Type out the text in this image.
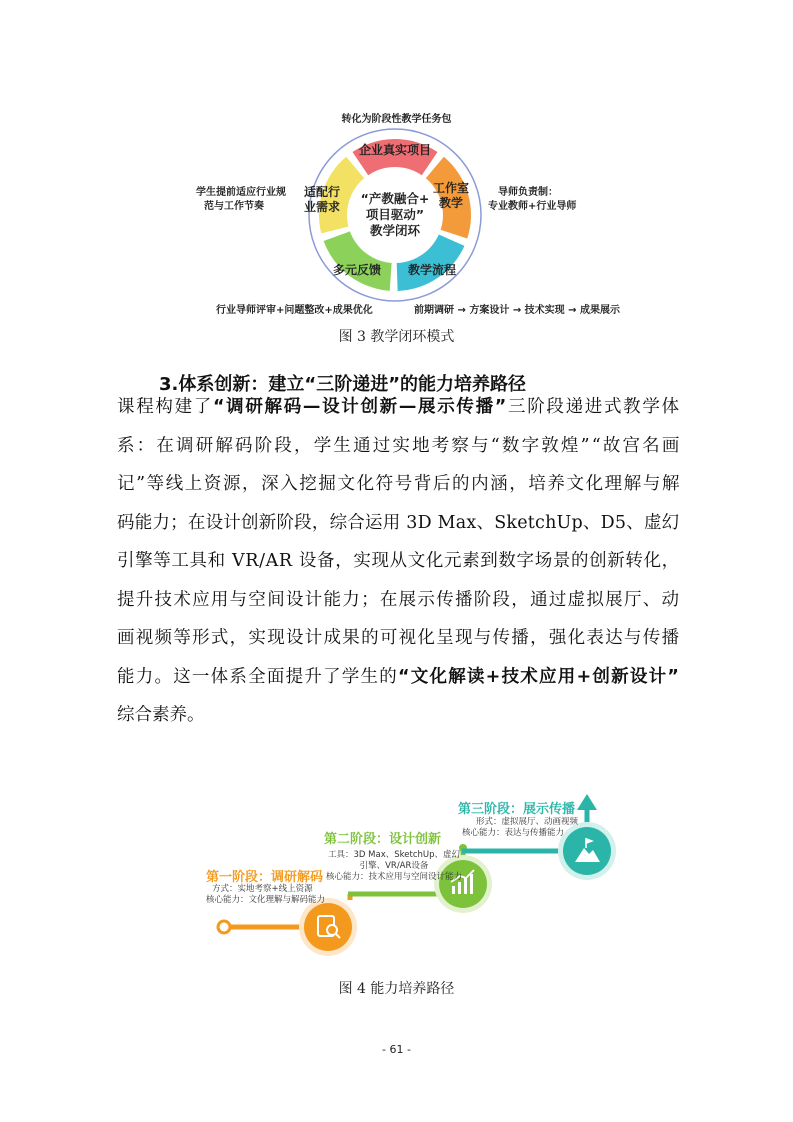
转化为阶段性教学任务包
学生提前适应行业规
范与工作节奏
导师负责制：
专业教师+行业导师
行业导师评审+问题整改+成果优化	前期调研 → 方案设计 → 技术实现 → 成果展示
企业真实项目
工作室
教学
教学流程
多元反馈
适配行
业需求
“产教融合+
项目驱动”
教学闭环
图 3 教学闭环模式
3.体系创新：建立“三阶递进”的能力培养路径
课程构建了“调研解码—设计创新—展示传播”三阶段递进式教学体
系：在调研解码阶段，学生通过实地考察与“数字敦煌”“故宫名画
记”等线上资源，深入挖掘文化符号背后的内涵，培养文化理解与解
码能力；在设计创新阶段，综合运用 3D Max、SketchUp、D5、虚幻
引擎等工具和 VR/AR 设备，实现从文化元素到数字场景的创新转化，
提升技术应用与空间设计能力；在展示传播阶段，通过虚拟展厅、动
画视频等形式，实现设计成果的可视化呈现与传播，强化表达与传播
能力。这一体系全面提升了学生的“文化解读+技术应用+创新设计”
综合素养。
第三阶段：展示传播
形式：虚拟展厅、动画视频
核心能力：表达与传播能力
第二阶段：设计创新
工具：3D Max、SketchUp、虚幻
引擎、VR/AR设备
核心能力：技术应用与空间设计能力
第一阶段：调研解码
方式：实地考察+线上资源
核心能力：文化理解与解码能力
图 4 能力培养路径
- 61 -
